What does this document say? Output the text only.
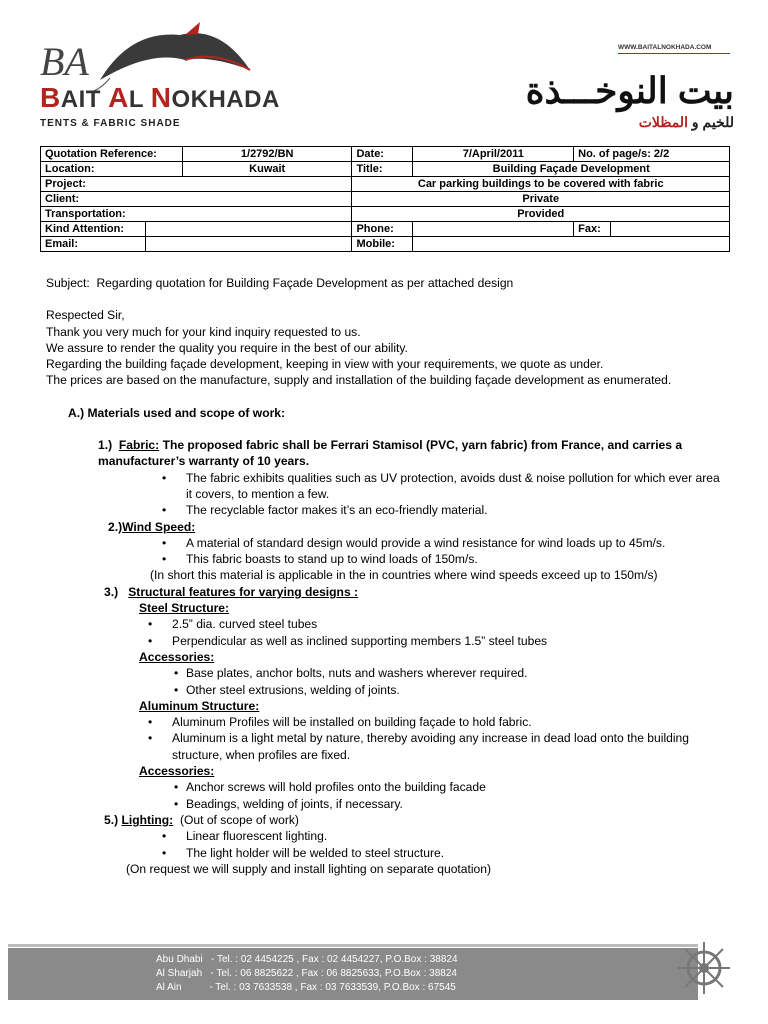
BA
BAIT AL NOKHADA
TENTS & FABRIC SHADE
WWW.BAITALNOKHADA.COM
بيت النوخـــذة
للخيم و المظلات
Quotation Reference:		1/2792/BN	Date:	7/April/2011	No. of page/s: 2/2	
Location:		Kuwait	Title:	Building Façade Development		
Project:			Car parking buildings to be covered with fabric			
Client:			Private			
Transportation:			Provided			
Kind Attention:			Phone:		Fax:	
Email:			Mobile:			

Subject: Regarding quotation for Building Façade Development as per attached design

Respected Sir,

Thank you very much for your kind inquiry requested to us.

We assure to render the quality you require in the best of our ability.

Regarding the building façade development, keeping in view with your requirements, we quote as under.

The prices are based on the manufacture, supply and installation of the building façade development as enumerated.

A.) Materials used and scope of work:

1.) Fabric: The proposed fabric shall be Ferrari Stamisol (PVC, yarn fabric) from France, and carries a manufacturer’s warranty of 10 years.

• The fabric exhibits qualities such as UV protection, avoids dust & noise pollution for which ever area it covers, to mention a few.

• The recyclable factor makes it’s an eco-friendly material.

2.)Wind Speed:

• A material of standard design would provide a wind resistance for wind loads up to 45m/s.

• This fabric boasts to stand up to wind loads of 150m/s.

(In short this material is applicable in the in countries where wind speeds exceed up to 150m/s)

3.) Structural features for varying designs :

Steel Structure:

• 2.5” dia. curved steel tubes

• Perpendicular as well as inclined supporting members 1.5” steel tubes

Accessories:

• Base plates, anchor bolts, nuts and washers wherever required.

• Other steel extrusions, welding of joints.

Aluminum Structure:

• Aluminum Profiles will be installed on building façade to hold fabric.

• Aluminum is a light metal by nature, thereby avoiding any increase in dead load onto the building structure, when profiles are fixed.

Accessories:

• Anchor screws will hold profiles onto the building facade

• Beadings, welding of joints, if necessary.

5.) Lighting: (Out of scope of work)

• Linear fluorescent lighting.

• The light holder will be welded to steel structure.

(On request we will supply and install lighting on separate quotation)

Abu Dhabi   - Tel. : 02 4454225 , Fax : 02 4454227, P.O.Box : 38824
Al Sharjah   - Tel. : 06 8825622 , Fax : 06 8825633, P.O.Box : 38824
Al Ain          - Tel. : 03 7633538 , Fax : 03 7633539, P.O.Box : 67545
